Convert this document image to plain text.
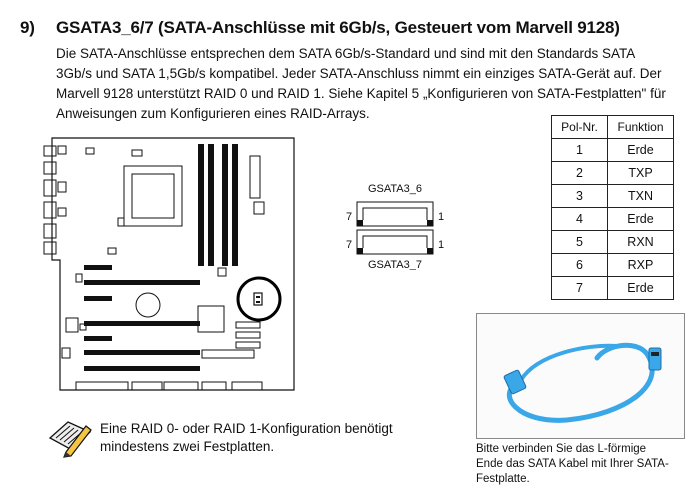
9) GSATA3_6/7 (SATA-Anschlüsse mit 6Gb/s, Gesteuert vom Marvell 9128)

Die SATA-Anschlüsse entsprechen dem SATA 6Gb/s-Standard und sind mit den Standards SATA

3Gb/s und SATA 1,5Gb/s kompatibel. Jeder SATA-Anschluss nimmt ein einziges SATA-Gerät auf. Der

Marvell 9128 unterstützt RAID 0 und RAID 1. Siehe Kapitel 5 „Konfigurieren von SATA-Festplatten" für

Anweisungen zum Konfigurieren eines RAID-Arrays.

GSATA3_6
GSATA3_7
7	1
7	1
Pol-Nr.	Funktion
1	Erde
2	TXP
3	TXN
4	Erde
5	RXN
6	RXP
7	Erde

Bitte verbinden Sie das L-förmige

Ende das SATA Kabel mit Ihrer SATA-

Festplatte.

Eine RAID 0- oder RAID 1-Konfiguration benötigt

mindestens zwei Festplatten.
